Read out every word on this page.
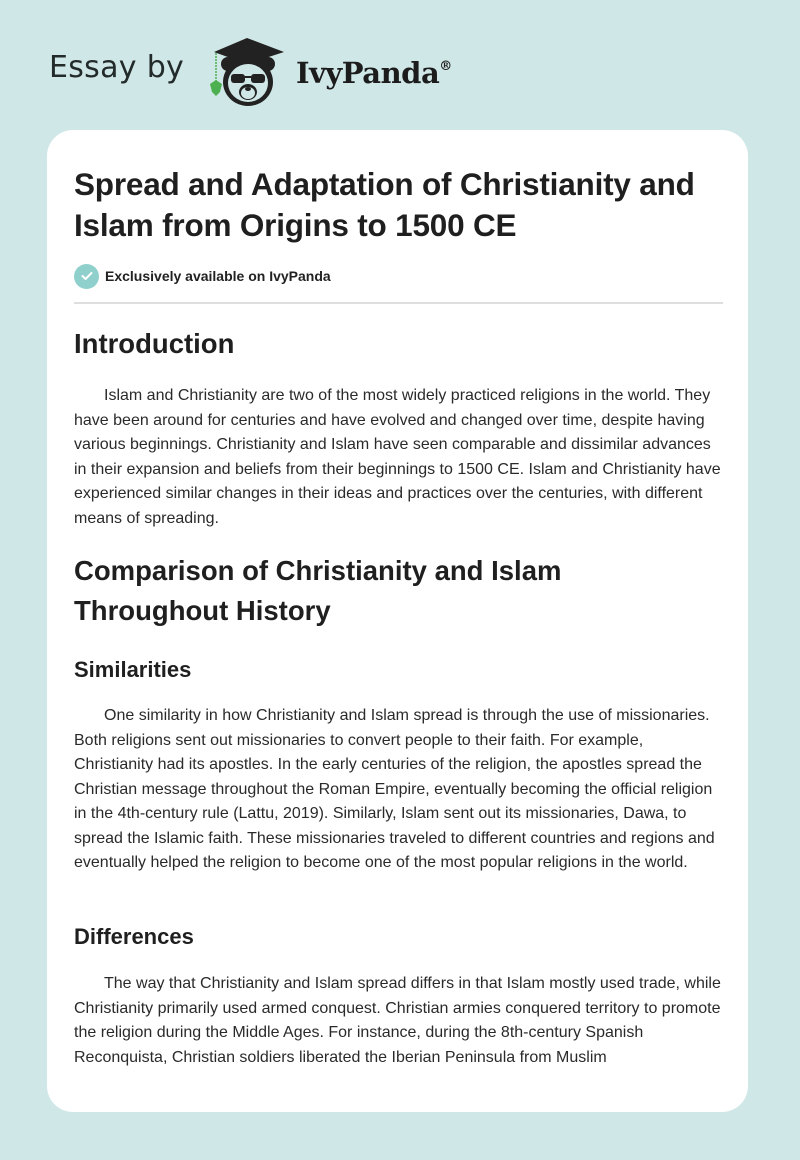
Essay by	IvyPanda®
Spread and Adaptation of Christianity and Islam from Origins to 1500 CE
Exclusively available on IvyPanda
Introduction

Islam and Christianity are two of the most widely practiced religions in the world. They have been around for centuries and have evolved and changed over time, despite having various beginnings. Christianity and Islam have seen comparable and dissimilar advances in their expansion and beliefs from their beginnings to 1500 CE. Islam and Christianity have experienced similar changes in their ideas and practices over the centuries, with different means of spreading.

Comparison of Christianity and Islam Throughout History
Similarities

One similarity in how Christianity and Islam spread is through the use of missionaries. Both religions sent out missionaries to convert people to their faith. For example, Christianity had its apostles. In the early centuries of the religion, the apostles spread the Christian message throughout the Roman Empire, eventually becoming the official religion in the 4th-century rule (Lattu, 2019). Similarly, Islam sent out its missionaries, Dawa, to spread the Islamic faith. These missionaries traveled to different countries and regions and eventually helped the religion to become one of the most popular religions in the world.

Differences

The way that Christianity and Islam spread differs in that Islam mostly used trade, while Christianity primarily used armed conquest. Christian armies conquered territory to promote the religion during the Middle Ages. For instance, during the 8th-century Spanish Reconquista, Christian soldiers liberated the Iberian Peninsula from Muslim
